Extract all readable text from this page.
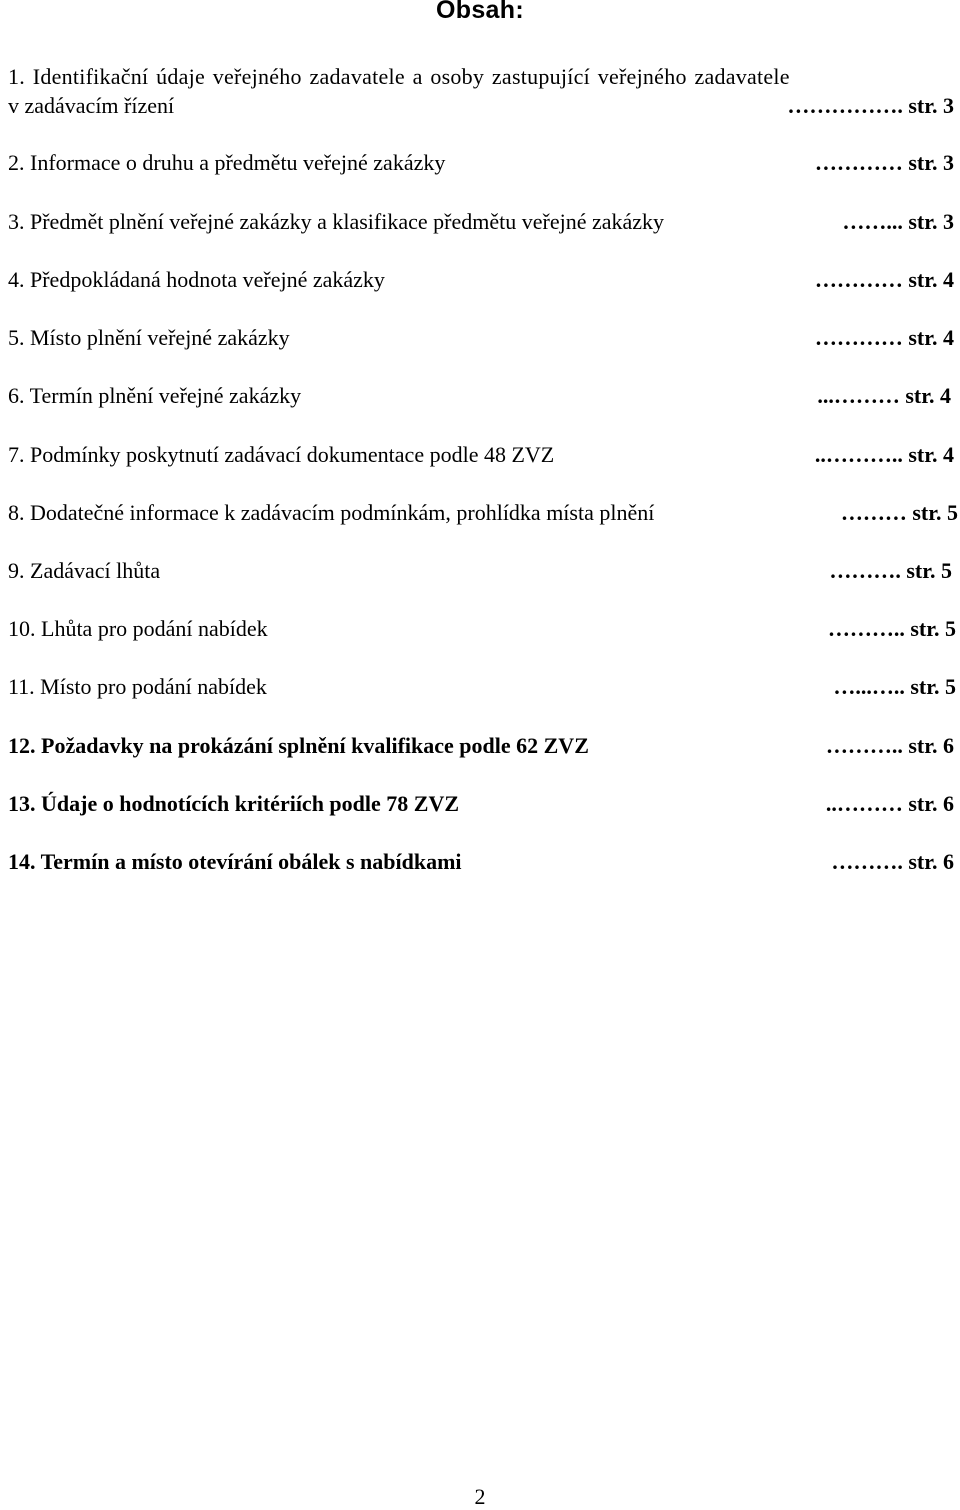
Obsah:
1. Identifikační údaje veřejného zadavatele a osoby zastupující veřejného zadavatele
v zadávacím řízení	……………. str. 3
2. Informace o druhu a předmětu veřejné zakázky	………… str. 3
3. Předmět plnění veřejné zakázky a klasifikace předmětu veřejné zakázky	……... str. 3
4. Předpokládaná hodnota veřejné zakázky	………… str. 4
5. Místo plnění veřejné zakázky	………… str. 4
6. Termín plnění veřejné zakázky	...……… str. 4
7. Podmínky poskytnutí zadávací dokumentace podle 48 ZVZ	..……….. str. 4
8. Dodatečné informace k zadávacím podmínkám, prohlídka místa plnění	……… str. 5
9. Zadávací lhůta	………. str. 5
10. Lhůta pro podání nabídek	……….. str. 5
11. Místo pro podání nabídek	…...….. str. 5
12. Požadavky na prokázání splnění kvalifikace podle 62 ZVZ	……….. str. 6
13. Údaje o hodnotících kritériích podle 78 ZVZ	..……… str. 6
14. Termín a místo otevírání obálek s nabídkami	………. str. 6
2
